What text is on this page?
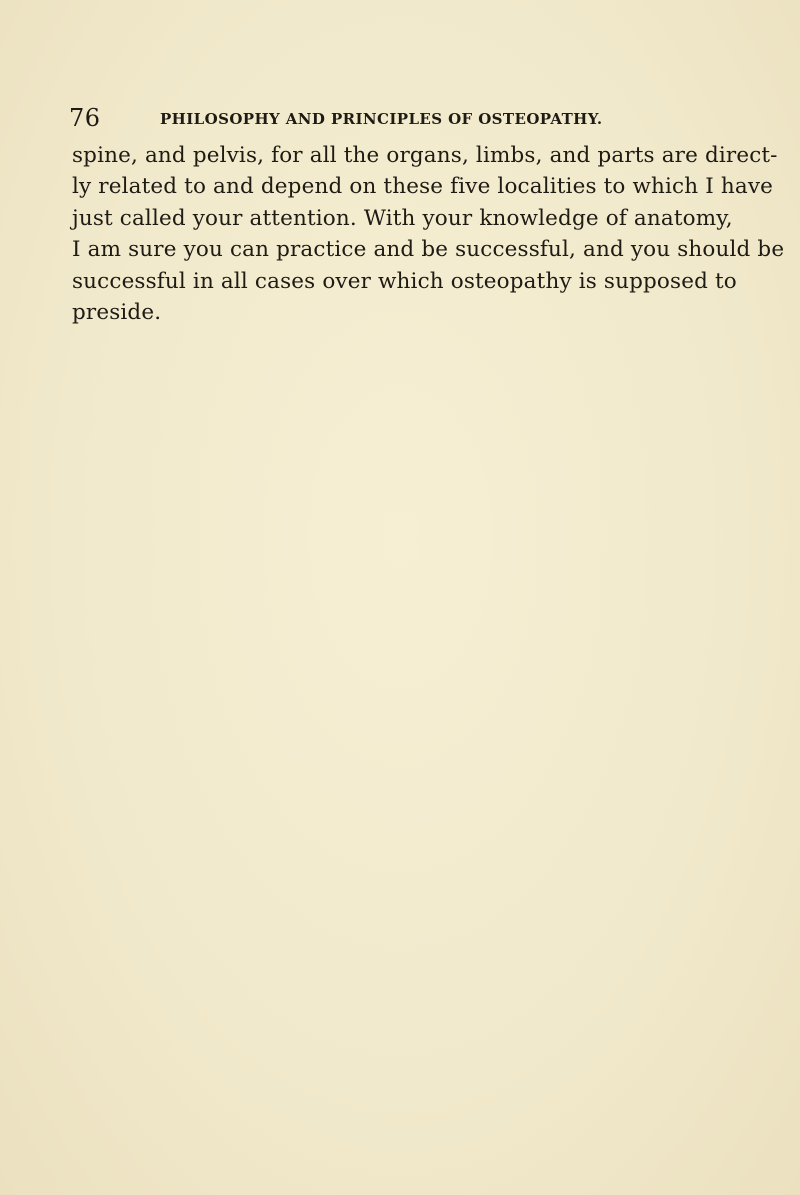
76	PHILOSOPHY AND PRINCIPLES OF OSTEOPATHY.
spine, and pelvis, for all the organs, limbs, and parts are direct-
ly related to and depend on these five localities to which I have
just called your attention. With your knowledge of anatomy,
I am sure you can practice and be successful, and you should be
successful in all cases over which osteopathy is supposed to
preside.
